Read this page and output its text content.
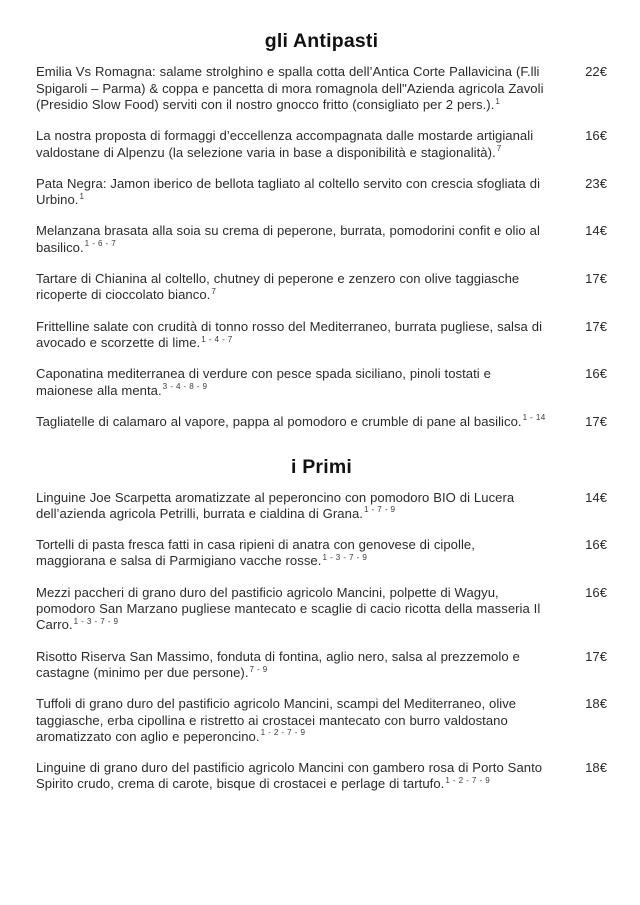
gli Antipasti
Emilia Vs Romagna: salame strolghino e spalla cotta dell’Antica Corte Pallavicina (F.lli Spigaroli – Parma) & coppa e pancetta di mora romagnola dell"Azienda agricola Zavoli (Presidio Slow Food) serviti con il nostro gnocco fritto (consigliato per 2 pers.).$^1$
22€
La nostra proposta di formaggi d’eccellenza accompagnata dalle mostarde artigianali valdostane di Alpenzu (la selezione varia in base a disponibilità e stagionalità).$^7$
16€
Pata Negra: Jamon iberico de bellota tagliato al coltello servito con crescia sfogliata di Urbino.$^1$
23€
Melanzana brasata alla soia su crema di peperone, burrata, pomodorini confit e olio al basilico.$^{1 - 6 - 7}$
14€
Tartare di Chianina al coltello, chutney di peperone e zenzero con olive taggiasche ricoperte di cioccolato bianco.$^7$
17€
Frittelline salate con crudità di tonno rosso del Mediterraneo, burrata pugliese, salsa di avocado e scorzette di lime.$^{1 - 4 - 7}$
17€
Caponatina mediterranea di verdure con pesce spada siciliano, pinoli tostati e maionese alla menta.$^{3 - 4 - 8 - 9}$
16€
Tagliatelle di calamaro al vapore, pappa al pomodoro e crumble di pane al basilico.$^{1 - 14}$	17€
i Primi
Linguine Joe Scarpetta aromatizzate al peperoncino con pomodoro BIO di Lucera dell’azienda agricola Petrilli, burrata e cialdina di Grana.$^{1 - 7 - 9}$
14€
Tortelli di pasta fresca fatti in casa ripieni di anatra con genovese di cipolle, maggiorana e salsa di Parmigiano vacche rosse.$^{1 - 3 - 7 - 9}$
16€
Mezzi paccheri di grano duro del pastificio agricolo Mancini, polpette di Wagyu, pomodoro San Marzano pugliese mantecato e scaglie di cacio ricotta della masseria Il Carro.$^{1 - 3 - 7 - 9}$
16€
Risotto Riserva San Massimo, fonduta di fontina, aglio nero, salsa al prezzemolo e castagne (minimo per due persone).$^{7 - 9}$
17€
Tuffoli di grano duro del pastificio agricolo Mancini, scampi del Mediterraneo, olive taggiasche, erba cipollina e ristretto ai crostacei mantecato con burro valdostano aromatizzato con aglio e peperoncino.$^{1 - 2 - 7 - 9}$
18€
Linguine di grano duro del pastificio agricolo Mancini con gambero rosa di Porto Santo Spirito crudo, crema di carote, bisque di crostacei e perlage di tartufo.$^{1 - 2 - 7 - 9}$
18€
